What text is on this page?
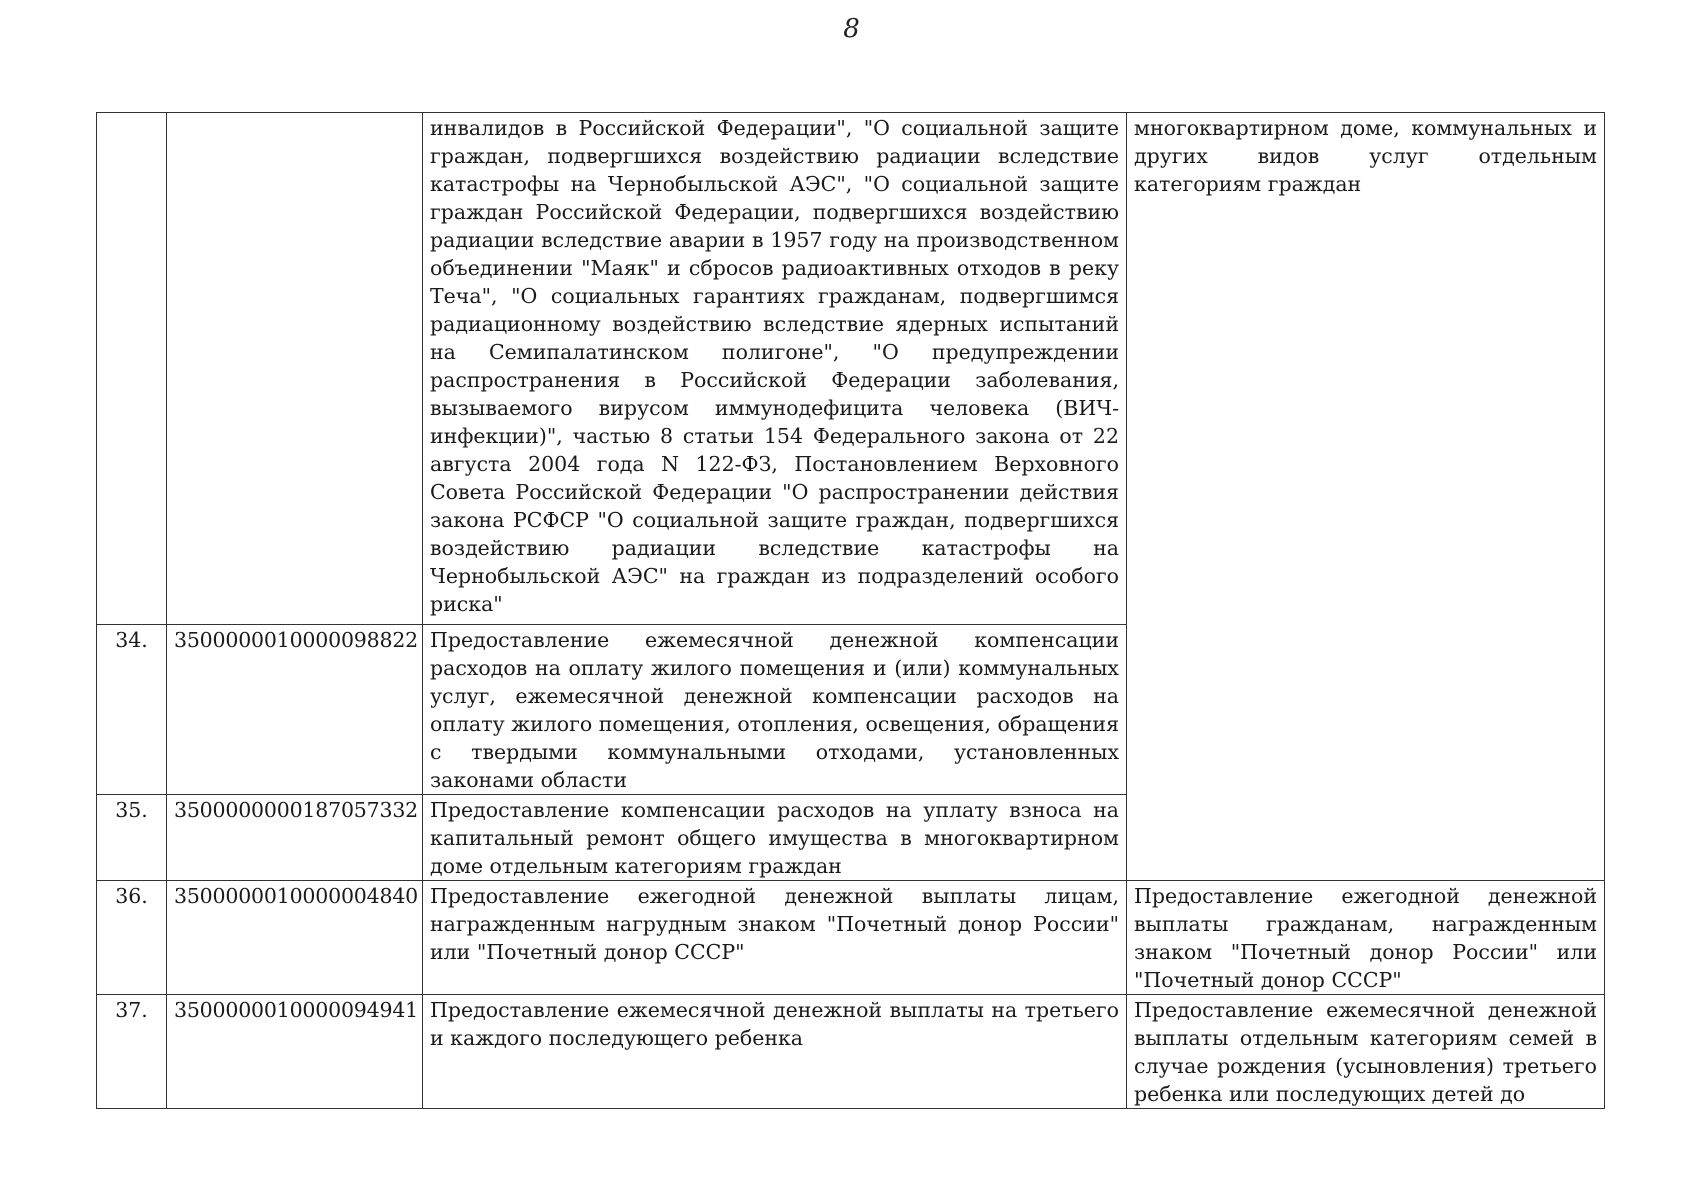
8
		инвалидов в Российской Федерации", "О социальной защите граждан, подвергшихся воздействию радиации вследствие катастрофы на Чернобыльской АЭС", "О социальной защите граждан Российской Федерации, подвергшихся воздействию радиации вследствие аварии в 1957 году на производственном объединении "Маяк" и сбросов радиоактивных отходов в реку Теча", "О социальных гарантиях гражданам, подвергшимся радиационному воздействию вследствие ядерных испытаний на Семипалатинском полигоне", "О предупреждении распространения в Российской Федерации заболевания, вызываемого вирусом иммунодефицита человека (ВИЧ-инфекции)", частью 8 статьи 154 Федерального закона от 22 августа 2004 года N 122-ФЗ, Постановлением Верховного Совета Российской Федерации "О распространении действия закона РСФСР "О социальной защите граждан, подвергшихся воздействию радиации вследствие катастрофы на Чернобыльской АЭС" на граждан из подразделений особого риска"	многоквартирном доме, коммунальных и других видов услуг отдельным категориям граждан
34.	3500000010000098822	Предоставление ежемесячной денежной компенсации расходов на оплату жилого помещения и (или) коммунальных услуг, ежемесячной денежной компенсации расходов на оплату жилого помещения, отопления, освещения, обращения с твердыми коммунальными отходами, установленных законами области	
35.	3500000000187057332	Предоставление компенсации расходов на уплату взноса на капитальный ремонт общего имущества в многоквартирном доме отдельным категориям граждан	
36.	3500000010000004840	Предоставление ежегодной денежной выплаты лицам, награжденным нагрудным знаком "Почетный донор России" или "Почетный донор СССР"	Предоставление ежегодной денежной выплаты гражданам, награжденным знаком "Почетный донор России" или "Почетный донор СССР"
37.	3500000010000094941	Предоставление ежемесячной денежной выплаты на третьего и каждого последующего ребенка	Предоставление ежемесячной денежной выплаты отдельным категориям семей в случае рождения (усыновления) третьего ребенка или последующих детей до
